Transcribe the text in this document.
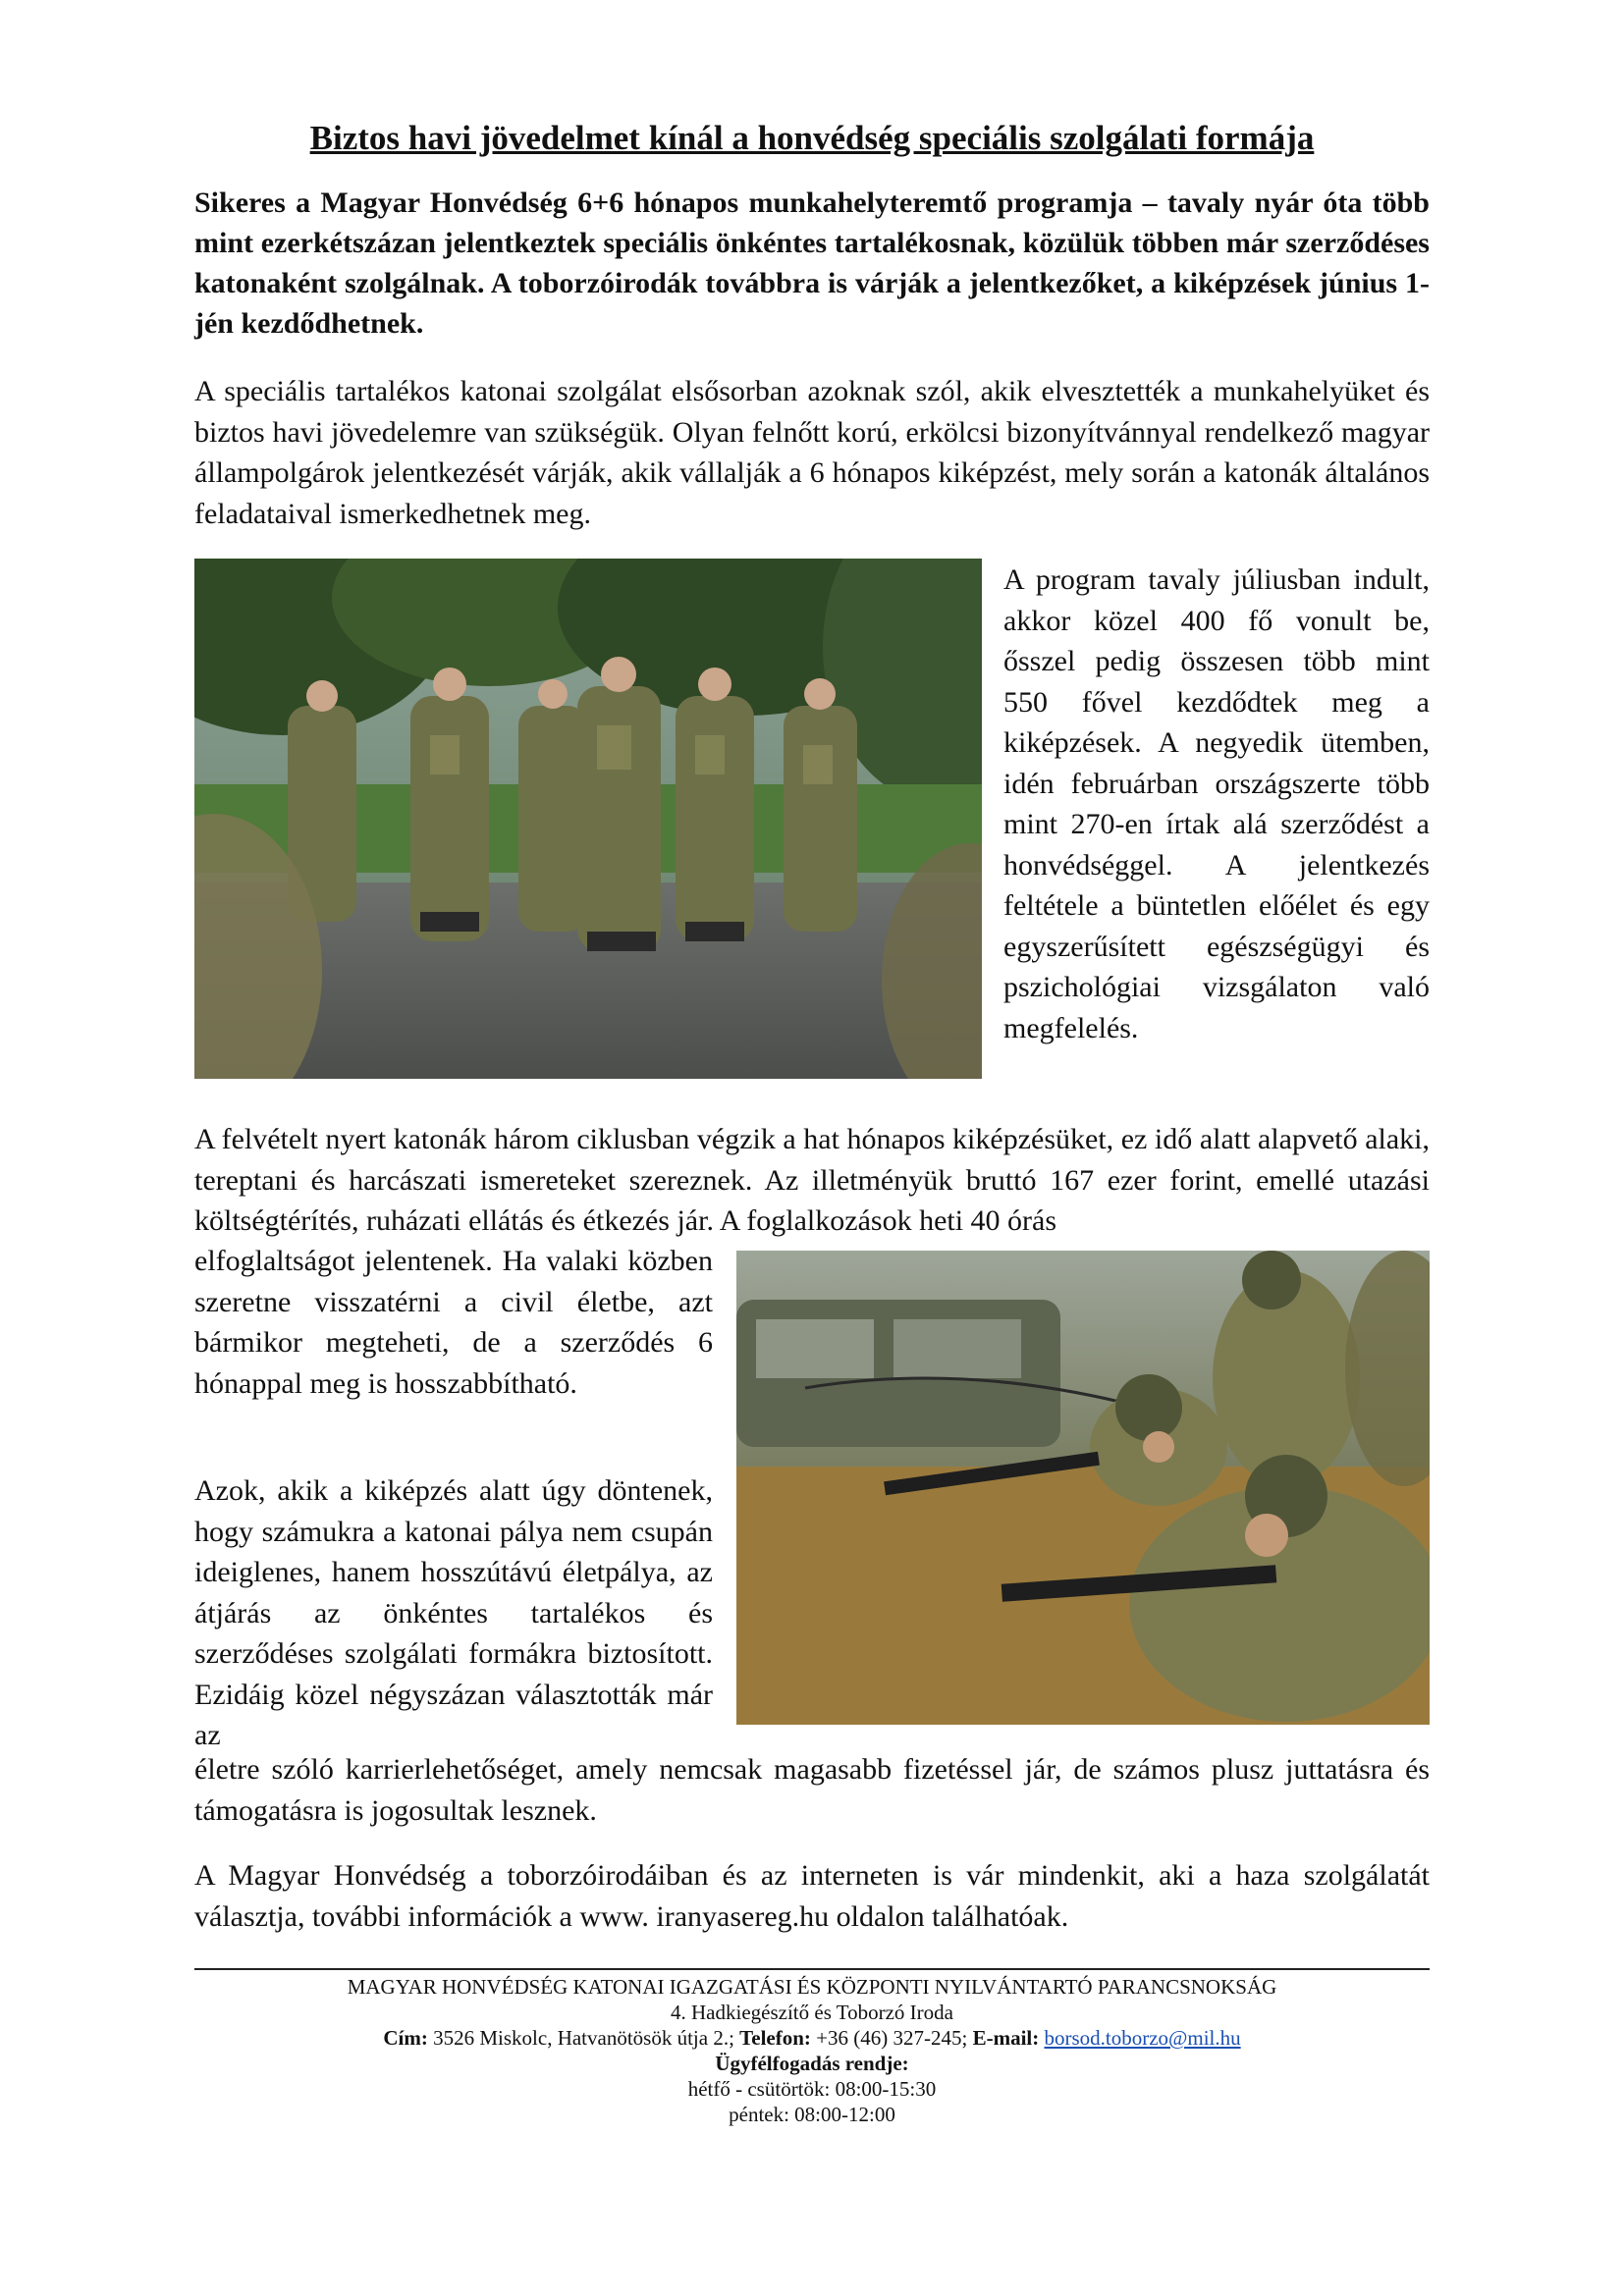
Biztos havi jövedelmet kínál a honvédség speciális szolgálati formája

Sikeres a Magyar Honvédség 6+6 hónapos munkahelyteremtő programja – tavaly nyár óta több mint ezerkétszázan jelentkeztek speciális önkéntes tartalékosnak, közülük többen már szerződéses katonaként szolgálnak. A toborzóirodák továbbra is várják a jelentkezőket, a kiképzések június 1-jén kezdődhetnek.

A speciális tartalékos katonai szolgálat elsősorban azoknak szól, akik elvesztették a munkahelyüket és biztos havi jövedelemre van szükségük. Olyan felnőtt korú, erkölcsi bizonyítvánnyal rendelkező magyar állampolgárok jelentkezését várják, akik vállalják a 6 hónapos kiképzést, mely során a katonák általános feladataival ismerkedhetnek meg.

A program tavaly júliusban indult, akkor közel 400 fő vonult be, ősszel pedig összesen több mint 550 fővel kezdődtek meg a kiképzések. A negyedik ütemben, idén februárban országszerte több mint 270-en írtak alá szerződést a honvédséggel. A jelentkezés feltétele a büntetlen előélet és egy egyszerűsített egészségügyi és pszichológiai vizsgálaton való megfelelés.

A felvételt nyert katonák három ciklusban végzik a hat hónapos kiképzésüket, ez idő alatt alapvető alaki, tereptani és harcászati ismereteket szereznek. Az illetményük bruttó 167 ezer forint, emellé utazási költségtérítés, ruházati ellátás és étkezés jár. A foglalkozások heti 40 órás

elfoglaltságot jelentenek. Ha valaki közben szeretne visszatérni a civil életbe, azt bármikor megteheti, de a szerződés 6 hónappal meg is hosszabbítható.

Azok, akik a kiképzés alatt úgy döntenek, hogy számukra a katonai pálya nem csupán ideiglenes, hanem hosszútávú életpálya, az átjárás az önkéntes tartalékos és szerződéses szolgálati formákra biztosított. Ezidáig közel négyszázan választották már az

életre szóló karrierlehetőséget, amely nemcsak magasabb fizetéssel jár, de számos plusz juttatásra és támogatásra is jogosultak lesznek.

A Magyar Honvédség a toborzóirodáiban és az interneten is vár mindenkit, aki a haza szolgálatát választja, további információk a www. iranyasereg.hu oldalon találhatóak.

MAGYAR HONVÉDSÉG KATONAI IGAZGATÁSI ÉS KÖZPONTI NYILVÁNTARTÓ PARANCSNOKSÁG
4. Hadkiegészítő és Toborzó Iroda
Cím: 3526 Miskolc, Hatvanötösök útja 2.; Telefon: +36 (46) 327-245; E-mail: borsod.toborzo@mil.hu
Ügyfélfogadás rendje:
hétfő - csütörtök: 08:00-15:30
péntek: 08:00-12:00
